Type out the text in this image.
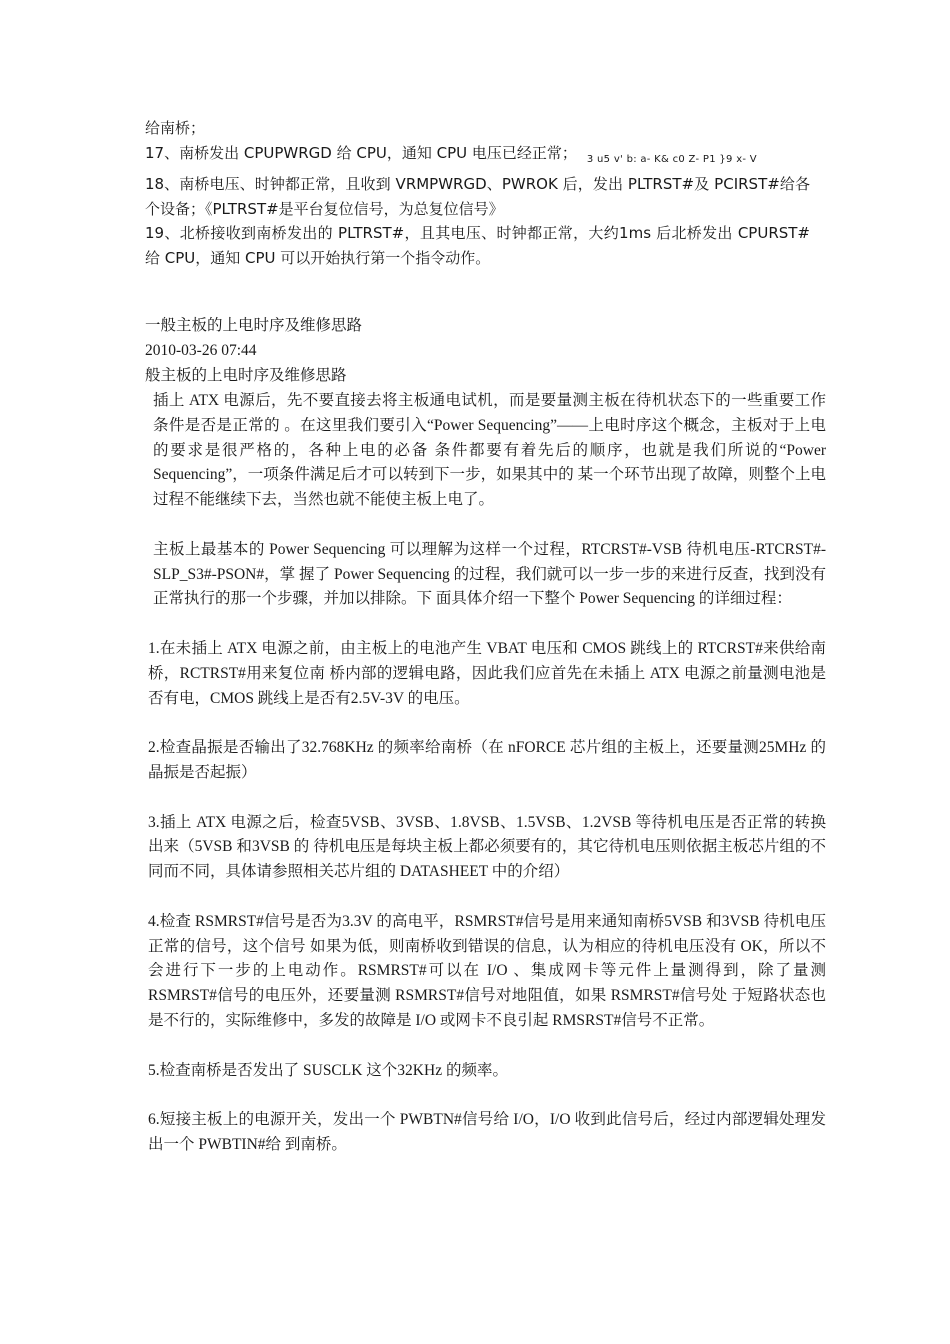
给南桥；

17、南桥发出 CPUPWRGD 给 CPU，通知 CPU 电压已经正常； $_{3 u5 v' b: a- K\& c0 Z- P1 \}9 x- V}$

18、南桥电压、时钟都正常，且收到 VRMPWRGD、PWROK 后，发出 PLTRST#及 PCIRST#给各个设备；《PLTRST#是平台复位信号，为总复位信号》

19、北桥接收到南桥发出的 PLTRST#，且其电压、时钟都正常，大约1ms 后北桥发出 CPURST#给 CPU，通知 CPU 可以开始执行第一个指令动作。

一般主板的上电时序及维修思路

2010-03-26 07:44

般主板的上电时序及维修思路

插上 ATX 电源后，先不要直接去将主板通电试机，而是要量测主板在待机状态下的一些重要工作条件是否是正常的 。在这里我们要引入“Power Sequencing”——上电时序这个概念，主板对于上电的要求是很严格的，各种上电的必备 条件都要有着先后的顺序，也就是我们所说的“Power Sequencing”，一项条件满足后才可以转到下一步，如果其中的 某一个环节出现了故障，则整个上电过程不能继续下去，当然也就不能使主板上电了。

主板上最基本的 Power Sequencing 可以理解为这样一个过程，RTCRST#-VSB 待机电压-RTCRST#-SLP_S3#-PSON#，掌 握了 Power Sequencing 的过程，我们就可以一步一步的来进行反查，找到没有正常执行的那一个步骤，并加以排除。下 面具体介绍一下整个 Power Sequencing 的详细过程：

1.在未插上 ATX 电源之前，由主板上的电池产生 VBAT 电压和 CMOS 跳线上的 RTCRST#来供给南桥，RCTRST#用来复位南 桥内部的逻辑电路，因此我们应首先在未插上 ATX 电源之前量测电池是否有电，CMOS 跳线上是否有2.5V-3V 的电压。

2.检查晶振是否输出了32.768KHz 的频率给南桥（在 nFORCE 芯片组的主板上，还要量测25MHz 的晶振是否起振）

3.插上 ATX 电源之后，检查5VSB、3VSB、1.8VSB、1.5VSB、1.2VSB 等待机电压是否正常的转换出来（5VSB 和3VSB 的 待机电压是每块主板上都必须要有的，其它待机电压则依据主板芯片组的不同而不同，具体请参照相关芯片组的 DATASHEET 中的介绍）

4.检查 RSMRST#信号是否为3.3V 的高电平，RSMRST#信号是用来通知南桥5VSB 和3VSB 待机电压正常的信号，这个信号 如果为低，则南桥收到错误的信息，认为相应的待机电压没有 OK，所以不会进行下一步的上电动作。RSMRST#可以在 I/O 、集成网卡等元件上量测得到，除了量测 RSMRST#信号的电压外，还要量测 RSMRST#信号对地阻值，如果 RSMRST#信号处 于短路状态也是不行的，实际维修中，多发的故障是 I/O 或网卡不良引起 RMSRST#信号不正常。

5.检查南桥是否发出了 SUSCLK 这个32KHz 的频率。

6.短接主板上的电源开关，发出一个 PWBTN#信号给 I/O，I/O 收到此信号后，经过内部逻辑处理发出一个 PWBTIN#给 到南桥。
